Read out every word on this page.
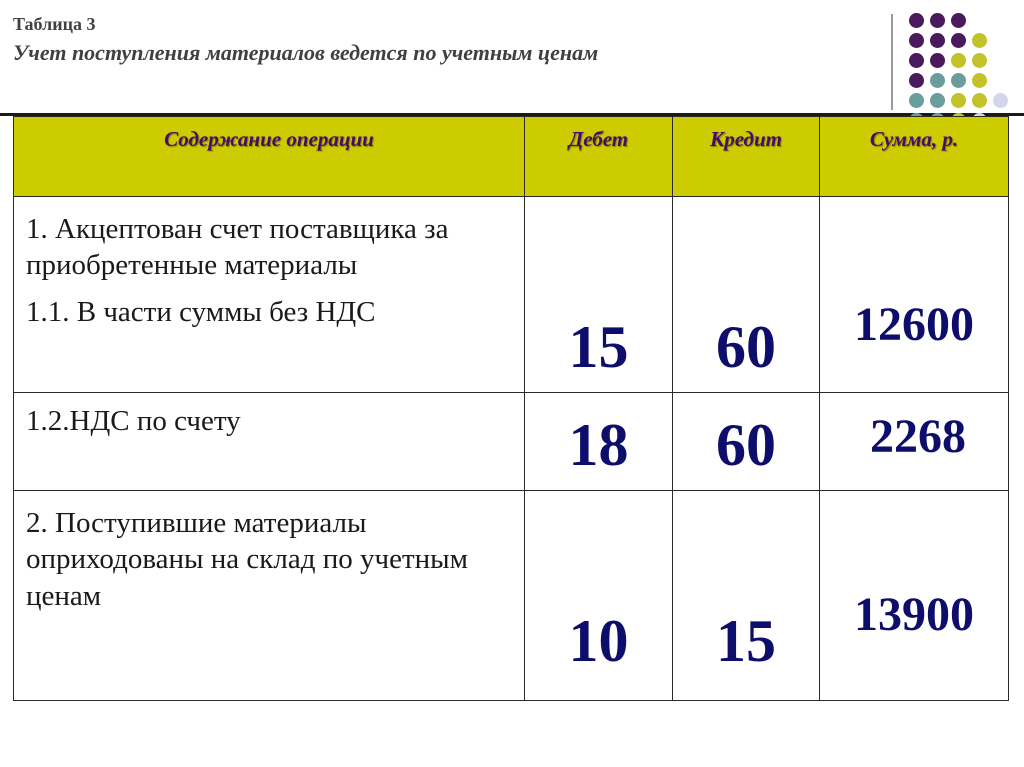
Таблица 3
Учет поступления материалов ведется по учетным ценам
Содержание операции	Дебет	Кредит	Сумма, р.

1. Акцептован счет поставщика за приобретенные материалы

1.1. В части суммы без НДС	15	60	12600

1.2.НДС по счету	18	60	2268

2. Поступившие материалы оприходованы на склад по учетным ценам	10	15	13900
